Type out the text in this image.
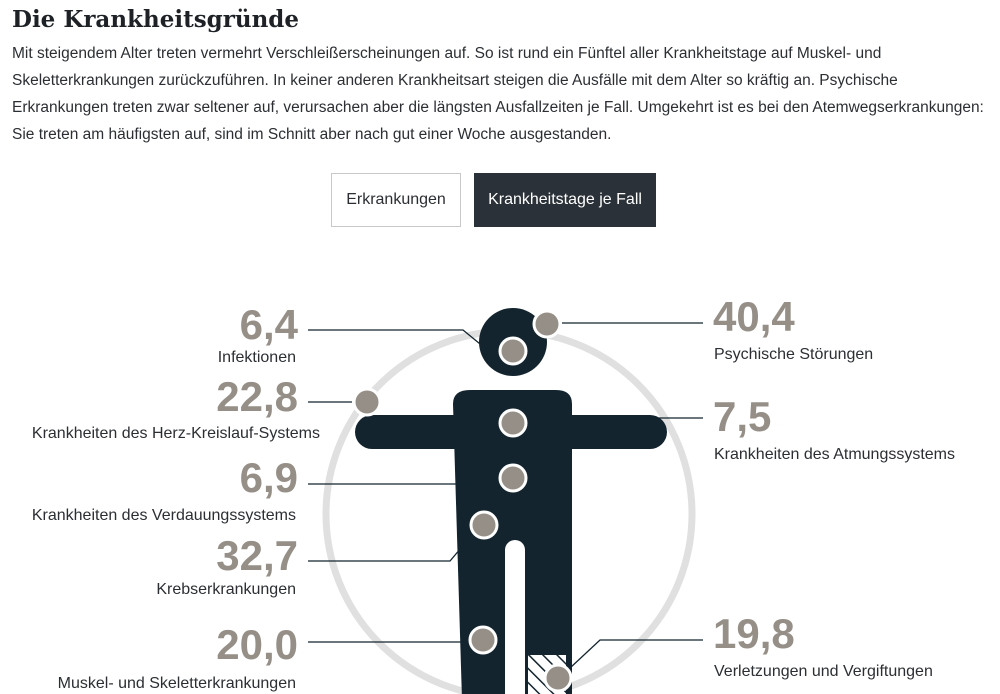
Die Krankheitsgründe

Mit steigendem Alter treten vermehrt Verschleißerscheinungen auf. So ist rund ein Fünftel aller Krankheitstage auf Muskel- und Skeletterkrankungen zurückzuführen. In keiner anderen Krankheitsart steigen die Ausfälle mit dem Alter so kräftig an. Psychische Erkrankungen treten zwar seltener auf, verursachen aber die längsten Ausfallzeiten je Fall. Umgekehrt ist es bei den Atemwegserkrankungen: Sie treten am häufigsten auf, sind im Schnitt aber nach gut einer Woche ausgestanden.

Erkrankungen	Krankheitstage je Fall
6,4
Infektionen
22,8
Krankheiten des Herz-Kreislauf-Systems
6,9
Krankheiten des Verdauungssystems
32,7
Krebserkrankungen
20,0
Muskel- und Skeletterkrankungen
40,4
Psychische Störungen
7,5
Krankheiten des Atmungssystems
19,8
Verletzungen und Vergiftungen
